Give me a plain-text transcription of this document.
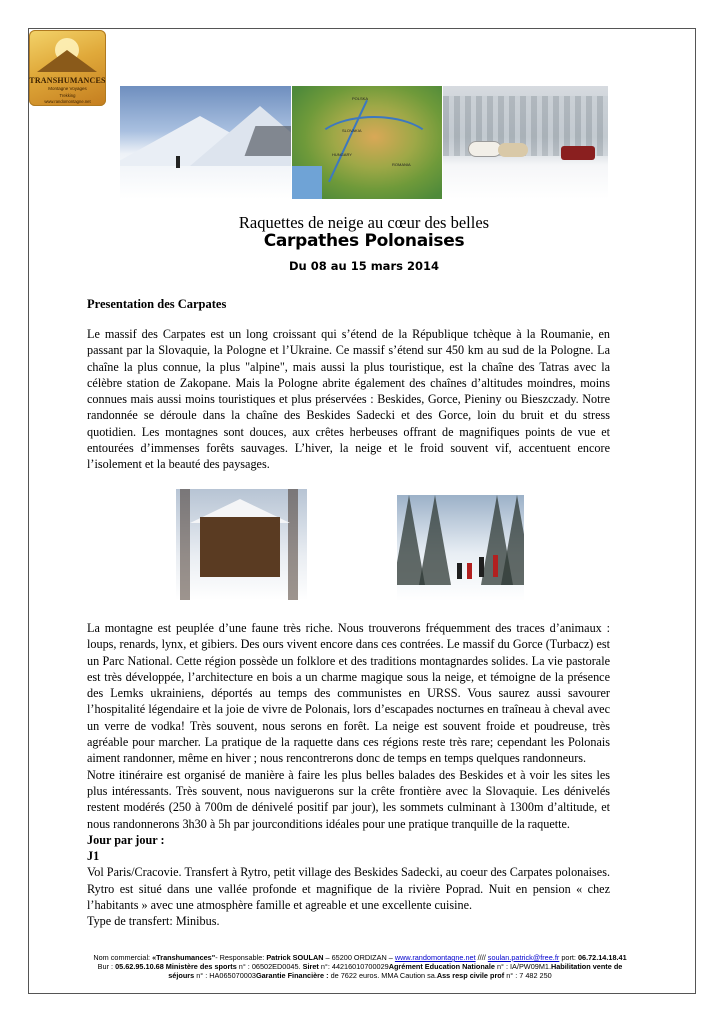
TRANSHUMANCES
Montagne Voyages
Trekking
www.randomontagne.net
POLSKA
SLOVAKIA
HUNGARY
ROMANIA
Raquettes de neige au cœur des belles
Carpathes Polonaises
Du 08 au 15 mars 2014
Presentation des Carpates

Le massif des Carpates est un long croissant qui s’étend de la République tchèque à la Roumanie, en passant par la Slovaquie, la Pologne et l’Ukraine. Ce massif s’étend sur 450 km au sud de la Pologne. La chaîne la plus connue, la plus "alpine", mais aussi la plus touristique, est la chaîne des Tatras avec la célèbre station de Zakopane. Mais la Pologne abrite également des chaînes d’altitudes moindres, moins connues mais aussi moins touristiques et plus préservées : Beskides, Gorce, Pieniny ou Bieszczady. Notre randonnée se déroule dans la chaîne des Beskides Sadecki et des Gorce, loin du bruit et du stress quotidien. Les montagnes sont douces, aux crêtes herbeuses offrant de magnifiques points de vue et entourées d’immenses forêts sauvages. L’hiver, la neige et le froid souvent vif, accentuent encore l’isolement et la beauté des paysages.

La montagne est peuplée d’une faune très riche. Nous trouverons fréquemment des traces d’animaux : loups, renards, lynx, et gibiers. Des ours vivent encore dans ces contrées. Le massif du Gorce (Turbacz) est un Parc National. Cette région possède un folklore et des traditions montagnardes solides. La vie pastorale est très développée, l’architecture en bois a un charme magique sous la neige, et témoigne de la présence des Lemks ukrainiens, déportés au temps des communistes en URSS. Vous saurez aussi savourer l’hospitalité légendaire et la joie de vivre de Polonais, lors d’escapades nocturnes en traîneau à cheval avec un verre de vodka! Très souvent, nous serons en forêt. La neige est souvent froide et poudreuse, très agréable pour marcher. La pratique de la raquette dans ces régions reste très rare; cependant les Polonais aiment randonner, même en hiver ; nous rencontrerons donc de temps en temps quelques randonneurs.
Notre itinéraire est organisé de manière à faire les plus belles balades des Beskides et à voir les sites les plus intéressants. Très souvent, nous naviguerons sur la crête frontière avec la Slovaquie. Les dénivelés restent modérés (250 à 700m de dénivelé positif par jour), les sommets culminant à 1300m d’altitude, et nous randonnerons 3h30 à 5h par jourconditions idéales pour une pratique tranquille de la raquette.
Jour par jour :
J1
Vol Paris/Cracovie. Transfert à Rytro, petit village des Beskides Sadecki, au coeur des Carpates polonaises. Rytro est situé dans une vallée profonde et magnifique de la rivière Poprad. Nuit en pension « chez l’habitants » avec une atmosphère famille et agreable et une excellente cuisine.
Type de transfert: Minibus.
Nom commercial: «Transhumances"- Responsable: Patrick SOULAN – 65200 ORDIZAN – www.randomontagne.net //// soulan.patrick@free.fr port: 06.72.14.18.41
Bur : 05.62.95.10.68 Ministère des sports n° : 06502ED0045. Siret n°: 44216010700029Agrément Education Nationale n° : IA/PW09M1.Habilitation vente de
séjours n° : HA065070003Garantie Financière : de 7622 euros. MMA Caution sa.Ass resp civile prof n° : 7 482 250
